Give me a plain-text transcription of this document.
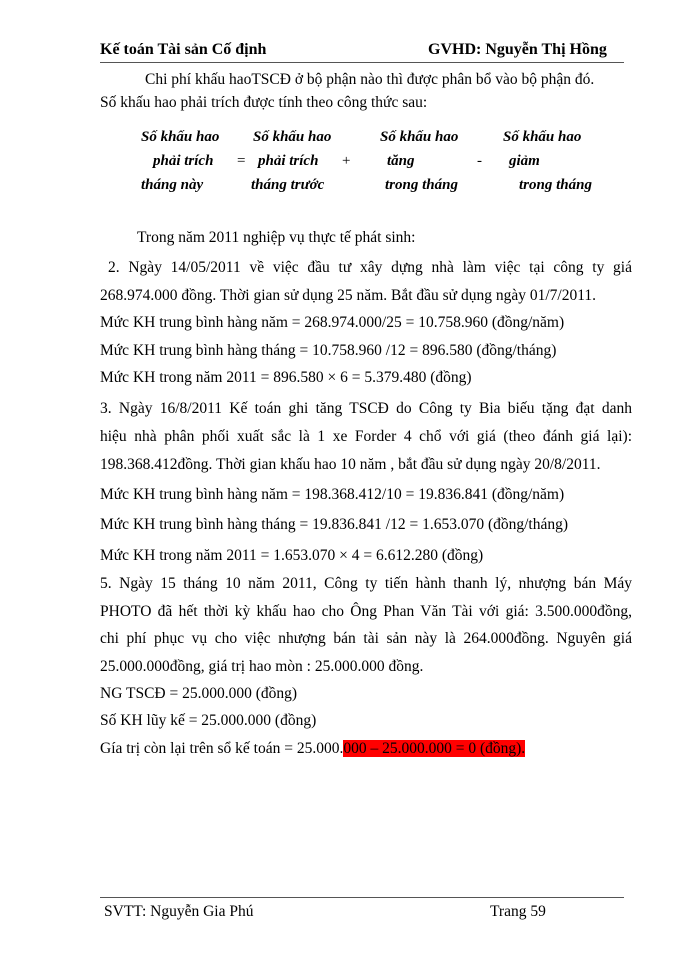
Kế toán Tài sản Cố định	GVHD: Nguyễn Thị Hồng
Chi phí khấu haoTSCĐ ở bộ phận nào thì được phân bổ vào bộ phận đó.
Số khấu hao phải trích được tính theo công thức sau:
Số khấu hao
phải trích
tháng này
=
Số khấu hao
phải trích
tháng trước
+
Số khấu hao
tăng
trong tháng
-
Số khấu hao
giảm
trong tháng
Trong năm 2011 nghiệp vụ thực tế phát sinh:
2. Ngày 14/05/2011 về việc đầu tư xây dựng nhà làm việc tại công ty giá
268.974.000 đồng. Thời gian sử dụng 25 năm. Bắt đầu sử dụng ngày 01/7/2011.
Mức KH trung bình hàng năm = 268.974.000/25 = 10.758.960 (đồng/năm)
Mức KH trung bình hàng tháng = 10.758.960 /12 = 896.580 (đồng/tháng)
Mức KH trong năm 2011 = 896.580 × 6 = 5.379.480 (đồng)
3. Ngày 16/8/2011 Kế toán ghi tăng TSCĐ do Công ty Bia biếu tặng đạt danh
hiệu nhà phân phối xuất sắc là 1 xe Forder 4 chổ với giá (theo đánh giá lại):
198.368.412đồng. Thời gian khấu hao 10 năm , bắt đầu sử dụng ngày 20/8/2011.
Mức KH trung bình hàng năm = 198.368.412/10 = 19.836.841 (đồng/năm)
Mức KH trung bình hàng tháng = 19.836.841 /12 = 1.653.070 (đồng/tháng)
Mức KH trong năm 2011 = 1.653.070 × 4 = 6.612.280 (đồng)
5. Ngày 15 tháng 10 năm 2011, Công ty tiến hành thanh lý, nhượng bán Máy
PHOTO đã hết thời kỳ khấu hao cho Ông Phan Văn Tài với giá: 3.500.000đồng,
chi phí phục vụ cho việc nhượng bán tài sản này là 264.000đồng. Nguyên giá
25.000.000đồng, giá trị hao mòn : 25.000.000 đồng.
NG TSCĐ = 25.000.000 (đồng)
Số KH lũy kế = 25.000.000 (đồng)
Gía trị còn lại trên sổ kế toán = 25.000.000 – 25.000.000 = 0 (đồng).
SVTT: Nguyễn Gia Phú	Trang 59
